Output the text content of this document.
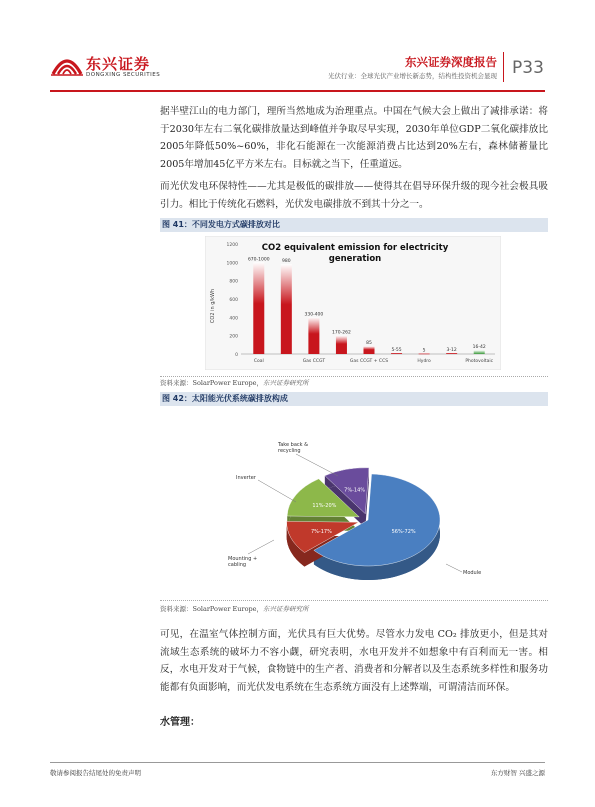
东兴证券
DONGXING SECURITIES
东兴证券深度报告
光伏行业：全球光伏产业增长新态势，结构性投资机会显现 P33

据半壁江山的电力部门，理所当然地成为治理重点。中国在气候大会上做出了减排承诺：将于2030年左右二氧化碳排放量达到峰值并争取尽早实现，2030年单位GDP二氧化碳排放比2005年降低50%~60%，非化石能源在一次能源消费占比达到20%左右，森林储蓄量比2005年增加45亿平方米左右。目标就之当下，任重道远。

而光伏发电环保特性——尤其是极低的碳排放——使得其在倡导环保升级的现今社会极具吸引力。相比于传统化石燃料，光伏发电碳排放不到其十分之一。

图 41：不同发电方式碳排放对比
CO2 equivalent emission for electricity
generation
CO2 in g/kWh
1200
1000
800
600
400
200
0
670-1000
Coal
980
330-400
Gas CCGT
170-262
85
Gas CCGT + CCS
5-55	5
Hydro
3-12
16-42
Photovoltaic
资料来源：SolarPower Europe，东兴证券研究所
图 42：太阳能光伏系统碳排放构成
56%-72%
7%-17%
11%-20%
7%-14%
Module
Mounting + cabling
Inverter
Take back & recycling
资料来源：SolarPower Europe，东兴证券研究所

可见，在温室气体控制方面，光伏具有巨大优势。尽管水力发电 CO₂ 排放更小，但是其对流域生态系统的破坏力不容小觑，研究表明，水电开发并不如想象中有百利而无一害。相反，水电开发对于气候，食物链中的生产者、消费者和分解者以及生态系统多样性和服务功能都有负面影响，而光伏发电系统在生态系统方面没有上述弊端，可谓清洁而环保。

水管理：
敬请参阅报告结尾处的免责声明	东方财智 兴盛之源
